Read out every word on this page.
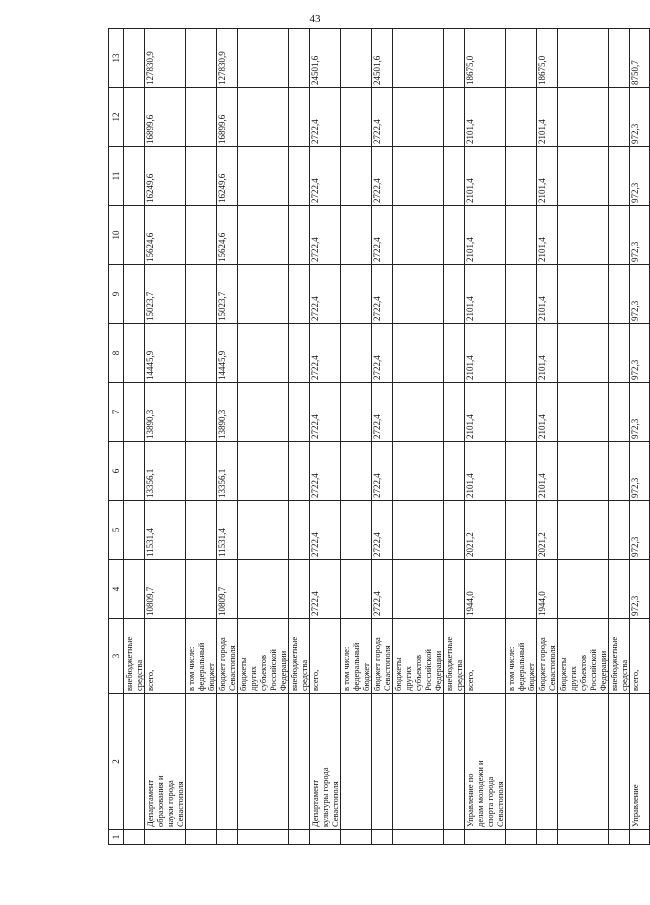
43
1	2	3	4	5	6	7	8	9	10	11	12	13

		внебюджетные средства										

	Департамент образования и науки города Севастополя	всего,	10809,7	11531,4	13356,1	13890,3	14445,9	15023,7	15624,6	16249,6	16899,6	127830,9

		в том числе: федеральный бюджет										

		бюджет города Севастополя	10809,7	11531,4	13356,1	13890,3	14445,9	15023,7	15624,6	16249,6	16899,6	127830,9

		бюджеты других субъектов Российской Федерации										

		внебюджетные средства										

	Департамент культуры города Севастополя	всего,	2722,4	2722,4	2722,4	2722,4	2722,4	2722,4	2722,4	2722,4	2722,4	24501,6

		в том числе: федеральный бюджет										

		бюджет города Севастополя	2722,4	2722,4	2722,4	2722,4	2722,4	2722,4	2722,4	2722,4	2722,4	24501,6

		бюджеты других субъектов Российской Федерации										

		внебюджетные средства										

	Управление по делам молодежи и спорта города Севастополя	всего,	1944,0	2021,2	2101,4	2101,4	2101,4	2101,4	2101,4	2101,4	2101,4	18675,0

		в том числе: федеральный бюджет										

		бюджет города Севастополя	1944,0	2021,2	2101,4	2101,4	2101,4	2101,4	2101,4	2101,4	2101,4	18675,0

		бюджеты других субъектов Российской Федерации										

		внебюджетные средства										

	Управление	всего,	972,3	972,3	972,3	972,3	972,3	972,3	972,3	972,3	972,3	8750,7
